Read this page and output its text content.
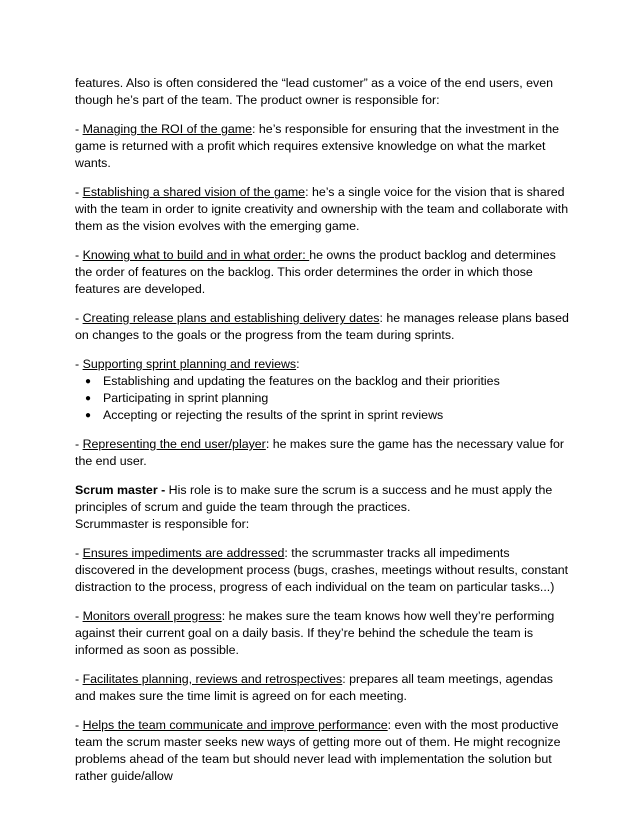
features. Also is often considered the “lead customer” as a voice of the end users, even though he’s part of the team. The product owner is responsible for:

- Managing the ROI of the game: he’s responsible for ensuring that the investment in the game is returned with a profit which requires extensive knowledge on what the market wants.

- Establishing a shared vision of the game: he’s a single voice for the vision that is shared with the team in order to ignite creativity and ownership with the team and collaborate with them as the vision evolves with the emerging game.

- Knowing what to build and in what order: he owns the product backlog and determines the order of features on the backlog. This order determines the order in which those features are developed.

- Creating release plans and establishing delivery dates: he manages release plans based on changes to the goals or the progress from the team during sprints.

- Supporting sprint planning and reviews:

● Establishing and updating the features on the backlog and their priorities
● Participating in sprint planning
● Accepting or rejecting the results of the sprint in sprint reviews

- Representing the end user/player: he makes sure the game has the necessary value for the end user.

Scrum master - His role is to make sure the scrum is a success and he must apply the principles of scrum and guide the team through the practices.
Scrummaster is responsible for:

- Ensures impediments are addressed: the scrummaster tracks all impediments discovered in the development process (bugs, crashes, meetings without results, constant distraction to the process, progress of each individual on the team on particular tasks...)

- Monitors overall progress: he makes sure the team knows how well they’re performing against their current goal on a daily basis. If they’re behind the schedule the team is informed as soon as possible.

- Facilitates planning, reviews and retrospectives: prepares all team meetings, agendas and makes sure the time limit is agreed on for each meeting.

- Helps the team communicate and improve performance: even with the most productive team the scrum master seeks new ways of getting more out of them. He might recognize problems ahead of the team but should never lead with implementation the solution but rather guide/allow
